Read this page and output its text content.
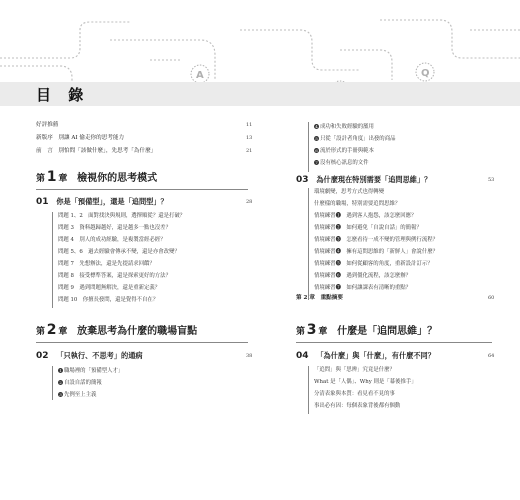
A	Q
目 錄
好評推薦	11
新版序　別讓 AI 偷走你的思考能力	13
前　言　別怕問「該做什麼」，先思考「為什麼」	21
第 1 章 檢視你的思考模式
01 你是「預備型」，還是「追問型」？	28
問題 1、2　面對找決與規則，選擇順從？還是打破？
問題 3　資料越歸越好，還是越多一點也沒差？
問題 4　別人的成功經驗，是複製當經必經？
問題 5、6　過去經驗會傳承不變，還是亦會改變？
問題 7　先想辦法，還是先提請求回饋？
問題 8　接受標準答案，還是探索更好的方法？
問題 9　遇到問題無解決，還是重新定義？
問題 10　你擅長發問，還是覺得不自在？
第 2 章 放棄思考為什麼的職場盲點
02 「只執行、不思考」的通病	38
1 職場裡的「預備型人才」
2 自設自話的簡報
3 先例至上主義
4 成功和失敗經驗的濫用
5 只從「設計者角度」出發的商品
6 流於形式的手冊與範本
7 沒有核心訊息的文件
03 為什麼現在特別需要「追問思維」？	53
環境劇變，思考方式也得轉變
什麼樣的職場，特別需要追問思維？
情境練習❶　遇到客人抱怨，該怎麼回應？
情境練習❷　如何避免「自說自話」的簡報？
情境練習❸　怎麼看待一成不變的管理與例行流程？
情境練習❹　擁有這問思維的「新鮮人」會說什麼？
情境練習❺　如何從顧客的角度，重新設計訂示？
情境練習❻　遇到僵化流程，該怎麼辦？
情境練習❼　如何讓課表有清晰的重點？
第 2 章　重點摘要	60
第 3 章 什麼是「追問思維」？
04 「為什麼」與「什麼」，有什麼不同？	64
「追問」與「思辨」究竟是什麼？
What 是「人偶」、Why 則是「幕後推手」
分清表象與本質：看見看不見的事
事出必有因：每個表象背後都有個動
